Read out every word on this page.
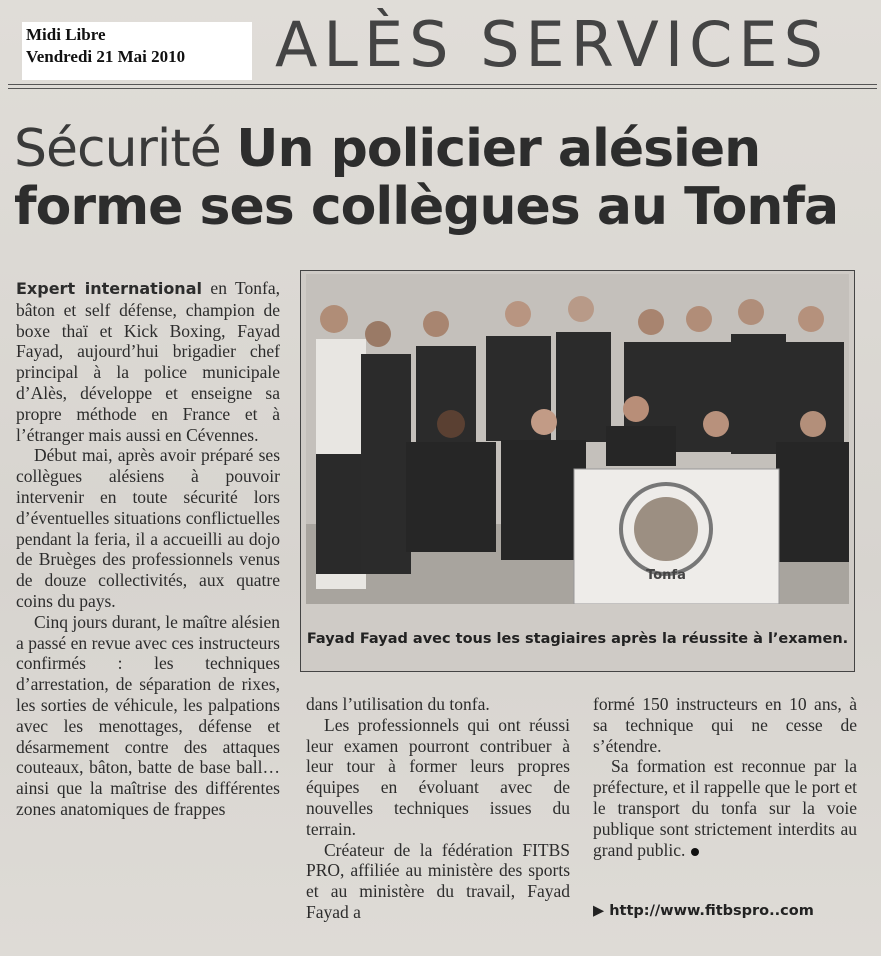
Midi Libre
Vendredi 21 Mai 2010	ALÈS SERVICES
Sécurité Un policier alésien
forme ses collègues au Tonfa

Expert international en Tonfa, bâton et self défense, champion de boxe thaï et Kick Boxing, Fayad Fayad, aujourd’hui brigadier chef principal à la police municipale d’Alès, développe et enseigne sa propre méthode en France et à l’étranger mais aussi en Cévennes.

Début mai, après avoir préparé ses collègues alésiens à pouvoir intervenir en toute sécurité lors d’éventuelles situations conflictuelles pendant la feria, il a accueilli au dojo de Bruèges des professionnels venus de douze collectivités, aux quatre coins du pays.

Cinq jours durant, le maître alésien a passé en revue avec ces instructeurs confirmés : les techniques d’arrestation, de séparation de rixes, les sorties de véhicule, les palpations avec les menottages, défense et désarmement contre des attaques couteaux, bâton, batte de base ball… ainsi que la maîtrise des différentes zones anatomiques de frappes

Tonfa
Fayad Fayad avec tous les stagiaires après la réussite à l’examen.

dans l’utilisation du tonfa.

Les professionnels qui ont réussi leur examen pourront contribuer à leur tour à former leurs propres équipes en évoluant avec de nouvelles techniques issues du terrain.

Créateur de la fédération FITBS PRO, affiliée au ministère des sports et au ministère du travail, Fayad Fayad a

formé 150 instructeurs en 10 ans, à sa technique qui ne cesse de s’étendre.

Sa formation est reconnue par la préfecture, et il rappelle que le port et le transport du tonfa sur la voie publique sont strictement interdits au grand public.

▶ http://www.fitbspro..com
